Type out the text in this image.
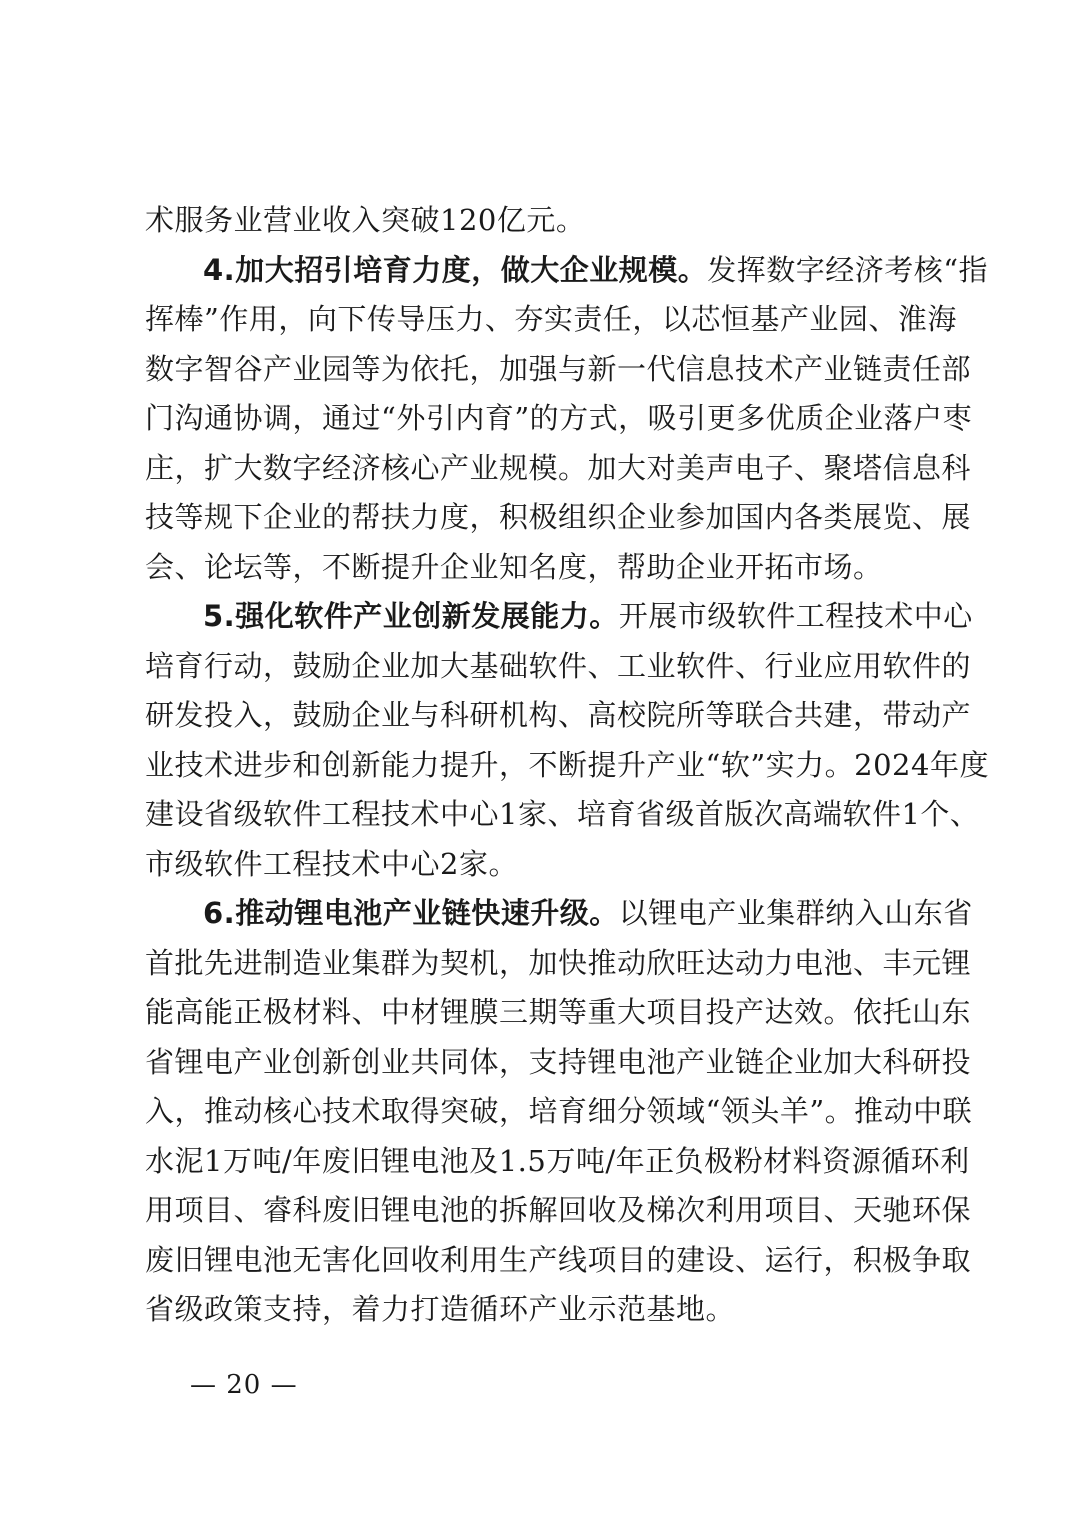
术服务业营业收入突破120亿元。
4.加大招引培育力度，做大企业规模。发挥数字经济考核“指
挥棒”作用，向下传导压力、夯实责任，以芯恒基产业园、淮海
数字智谷产业园等为依托，加强与新一代信息技术产业链责任部
门沟通协调，通过“外引内育”的方式，吸引更多优质企业落户枣
庄，扩大数字经济核心产业规模。加大对美声电子、聚塔信息科
技等规下企业的帮扶力度，积极组织企业参加国内各类展览、展
会、论坛等，不断提升企业知名度，帮助企业开拓市场。
5.强化软件产业创新发展能力。开展市级软件工程技术中心
培育行动，鼓励企业加大基础软件、工业软件、行业应用软件的
研发投入，鼓励企业与科研机构、高校院所等联合共建，带动产
业技术进步和创新能力提升，不断提升产业“软”实力。2024年度
建设省级软件工程技术中心1家、培育省级首版次高端软件1个、
市级软件工程技术中心2家。
6.推动锂电池产业链快速升级。以锂电产业集群纳入山东省
首批先进制造业集群为契机，加快推动欣旺达动力电池、丰元锂
能高能正极材料、中材锂膜三期等重大项目投产达效。依托山东
省锂电产业创新创业共同体，支持锂电池产业链企业加大科研投
入，推动核心技术取得突破，培育细分领域“领头羊”。推动中联
水泥1万吨/年废旧锂电池及1.5万吨/年正负极粉材料资源循环利
用项目、睿科废旧锂电池的拆解回收及梯次利用项目、天驰环保
废旧锂电池无害化回收利用生产线项目的建设、运行，积极争取
省级政策支持，着力打造循环产业示范基地。
— 20 —
